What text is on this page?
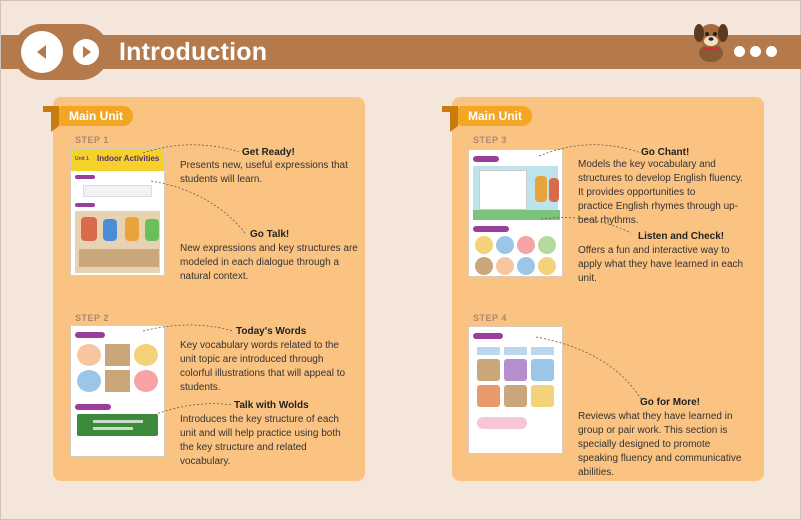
Introduction
Main Unit
STEP 1
Unit 1 Indoor Activities
STEP 2
Get Ready!
Presents new, useful expressions that
students will learn.
Go Talk!
New expressions and key structures are
modeled in each dialogue through a
natural context.
Today's Words
Key vocabulary words related to the
unit topic are introduced through
colorful illustrations that will appeal to
students.
Talk with Wolds
Introduces the key structure of each
unit and will help practice using both
the key structure and related
vocabulary.
Main Unit
STEP 3
STEP 4
Go Chant!
Models the key vocabulary and
structures to develop English fluency.
It provides opportunities to
practice English rhymes through up-
beat rhythms.
Listen and Check!
Offers a fun and interactive way to
apply what they have learned in each
unit.
Go for More!
Reviews what they have learned in
group or pair work. This section is
specially designed to promote
speaking fluency and communicative
abilities.
